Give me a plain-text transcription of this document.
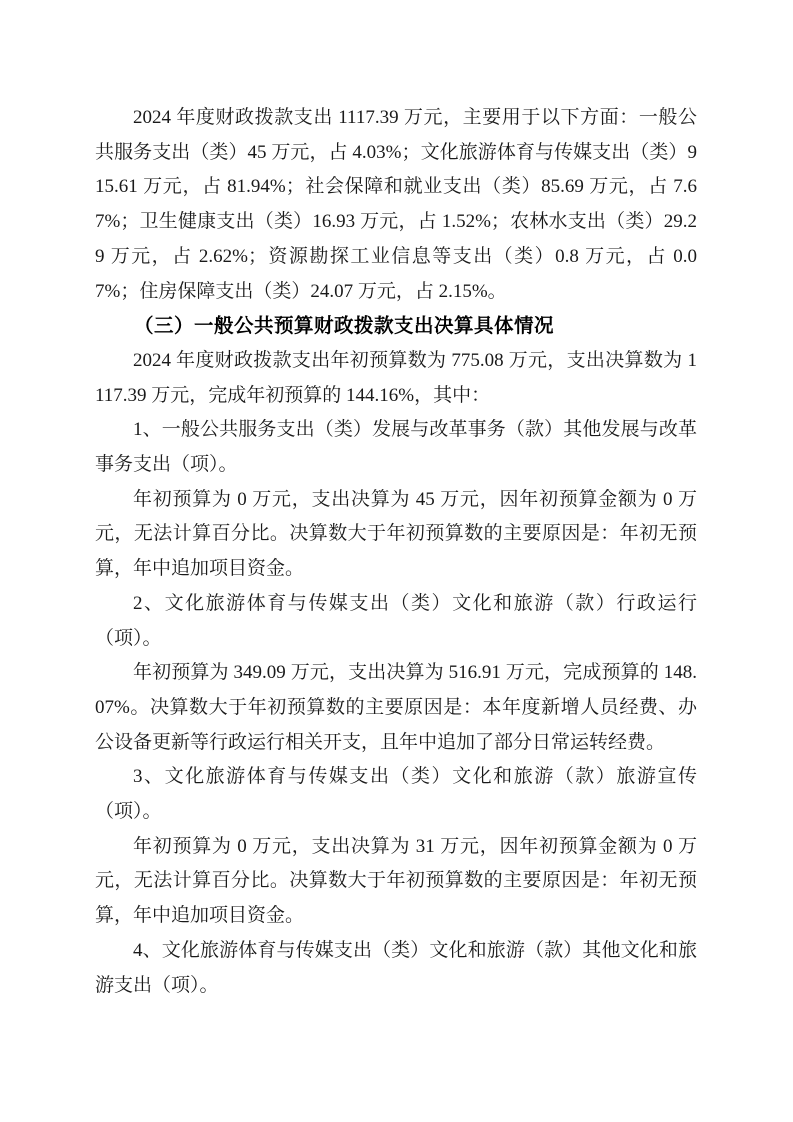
2024 年度财政拨款支出 1117.39 万元，主要用于以下方面：一般公共服务支出（类）45 万元，占 4.03%；文化旅游体育与传媒支出（类）915.61 万元，占 81.94%；社会保障和就业支出（类）85.69 万元，占 7.67%；卫生健康支出（类）16.93 万元，占 1.52%；农林水支出（类）29.29 万元，占 2.62%；资源勘探工业信息等支出（类）0.8 万元，占 0.07%；住房保障支出（类）24.07 万元，占 2.15%。

（三）一般公共预算财政拨款支出决算具体情况

2024 年度财政拨款支出年初预算数为 775.08 万元，支出决算数为 1117.39 万元，完成年初预算的 144.16%，其中：

1、一般公共服务支出（类）发展与改革事务（款）其他发展与改革事务支出（项）。

年初预算为 0 万元，支出决算为 45 万元，因年初预算金额为 0 万元，无法计算百分比。决算数大于年初预算数的主要原因是：年初无预算，年中追加项目资金。

2、文化旅游体育与传媒支出（类）文化和旅游（款）行政运行（项）。

年初预算为 349.09 万元，支出决算为 516.91 万元，完成预算的 148.07%。决算数大于年初预算数的主要原因是：本年度新增人员经费、办公设备更新等行政运行相关开支，且年中追加了部分日常运转经费。

3、文化旅游体育与传媒支出（类）文化和旅游（款）旅游宣传（项）。

年初预算为 0 万元，支出决算为 31 万元，因年初预算金额为 0 万元，无法计算百分比。决算数大于年初预算数的主要原因是：年初无预算，年中追加项目资金。

4、文化旅游体育与传媒支出（类）文化和旅游（款）其他文化和旅游支出（项）。
